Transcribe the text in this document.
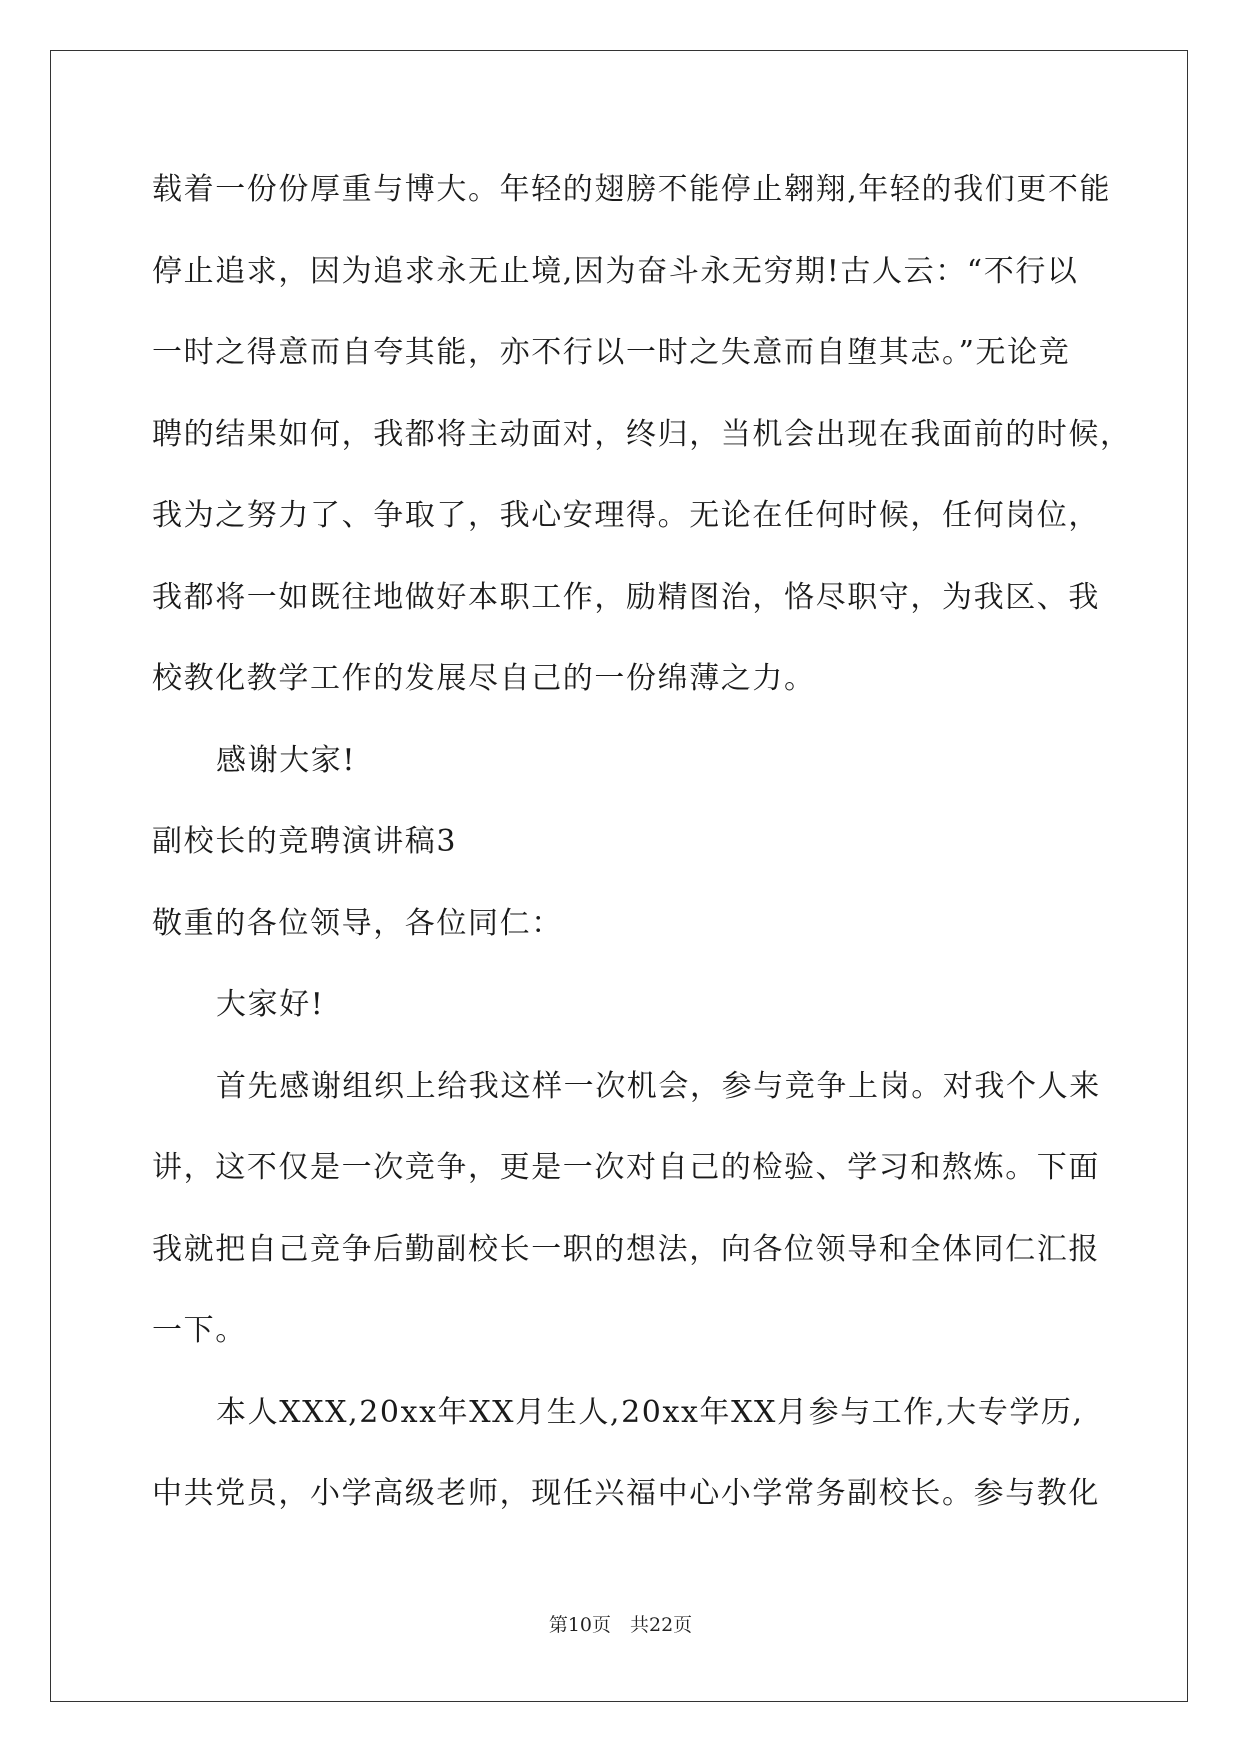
载着一份份厚重与博大。年轻的翅膀不能停止翱翔,年轻的我们更不能
停止追求，因为追求永无止境,因为奋斗永无穷期!古人云：“不行以
一时之得意而自夸其能，亦不行以一时之失意而自堕其志。”无论竞
聘的结果如何，我都将主动面对，终归，当机会出现在我面前的时候，
我为之努力了、争取了，我心安理得。无论在任何时候，任何岗位，
我都将一如既往地做好本职工作，励精图治，恪尽职守，为我区、我
校教化教学工作的发展尽自己的一份绵薄之力。
感谢大家!
副校长的竞聘演讲稿3
敬重的各位领导，各位同仁：
大家好!
首先感谢组织上给我这样一次机会，参与竞争上岗。对我个人来
讲，这不仅是一次竞争，更是一次对自己的检验、学习和熬炼。下面
我就把自己竞争后勤副校长一职的想法，向各位领导和全体同仁汇报
一下。
本人XXX,20xx年XX月生人,20xx年XX月参与工作,大专学历,
中共党员，小学高级老师，现任兴福中心小学常务副校长。参与教化
第10页　共22页
